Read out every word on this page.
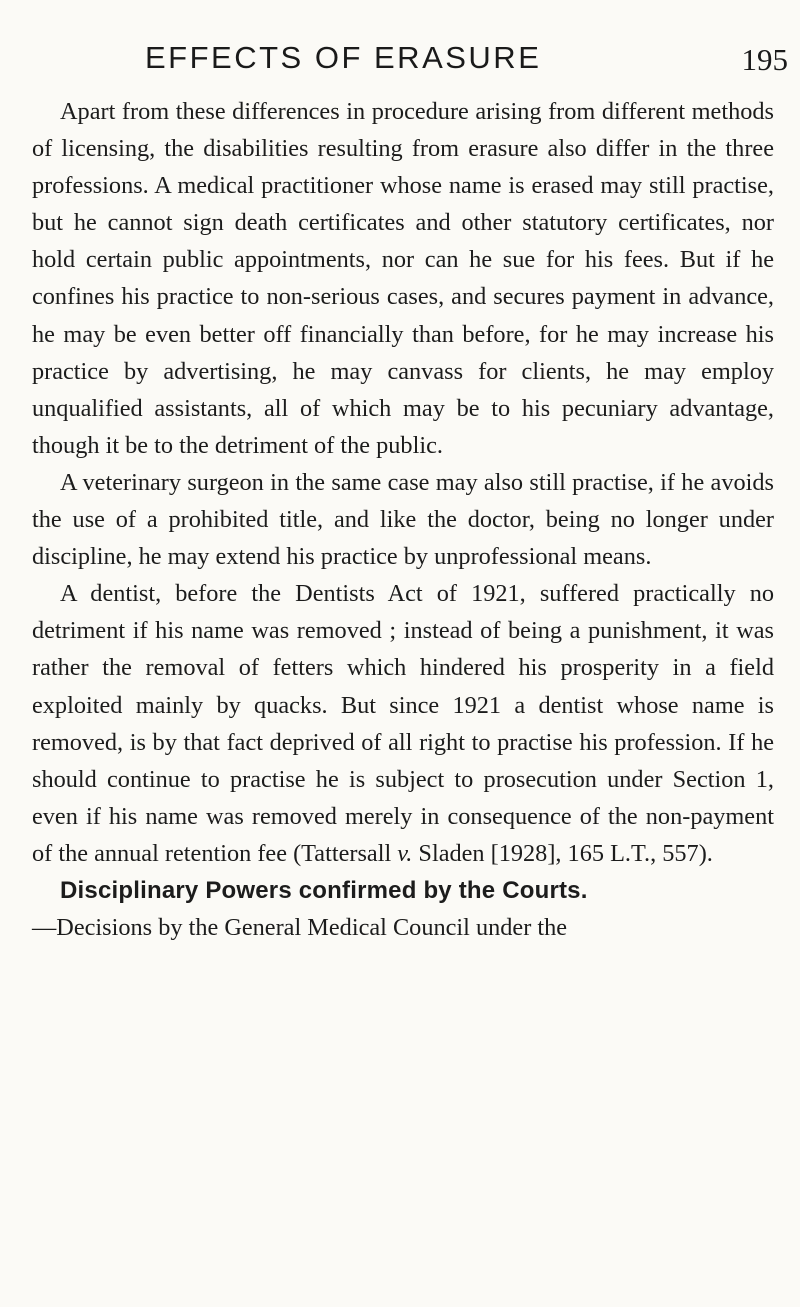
EFFECTS OF ERASURE	195

Apart from these differences in procedure arising from different methods of licensing, the disabilities resulting from erasure also differ in the three professions. A medical practitioner whose name is erased may still practise, but he cannot sign death certificates and other statutory certificates, nor hold certain public appointments, nor can he sue for his fees. But if he confines his practice to non-serious cases, and secures payment in advance, he may be even better off financially than before, for he may increase his practice by advertising, he may canvass for clients, he may employ unqualified assistants, all of which may be to his pecuniary advantage, though it be to the detriment of the public.

A veterinary surgeon in the same case may also still practise, if he avoids the use of a prohibited title, and like the doctor, being no longer under discipline, he may extend his practice by unprofessional means.

A dentist, before the Dentists Act of 1921, suffered practically no detriment if his name was removed ; instead of being a punishment, it was rather the removal of fetters which hindered his prosperity in a field exploited mainly by quacks. But since 1921 a dentist whose name is removed, is by that fact deprived of all right to practise his profession. If he should continue to practise he is subject to prosecution under Section 1, even if his name was removed merely in consequence of the non-payment of the annual retention fee (Tattersall v. Sladen [1928], 165 L.T., 557).

Disciplinary Powers confirmed by the Courts.
—Decisions by the General Medical Council under the
